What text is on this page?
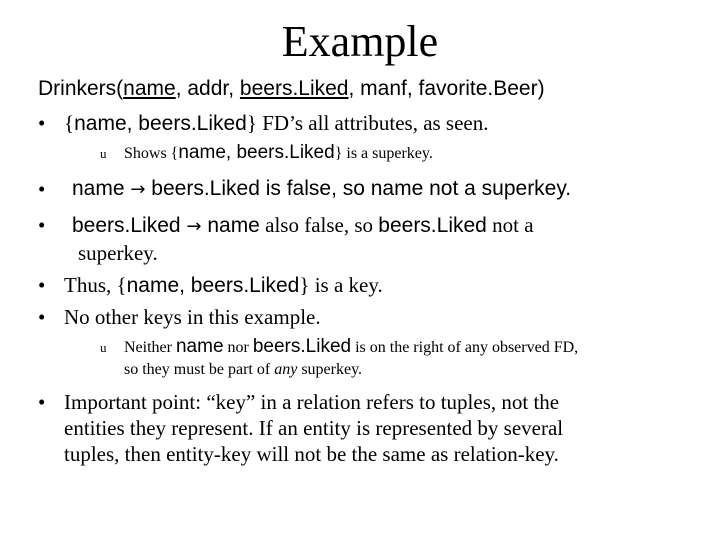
Example
Drinkers(name, addr, beers.Liked, manf, favorite.Beer)
• {name, beers.Liked} FD’s all attributes, as seen.
u Shows {name, beers.Liked} is a superkey.
• name → beers.Liked is false, so name not a superkey.
• beers.Liked → name also false, so beers.Liked not a
superkey.
• Thus, {name, beers.Liked} is a key.
• No other keys in this example.
u Neither name nor beers.Liked is on the right of any observed FD,
so they must be part of any superkey.
• Important point: “key” in a relation refers to tuples, not the
entities they represent. If an entity is represented by several
tuples, then entity-key will not be the same as relation-key.
